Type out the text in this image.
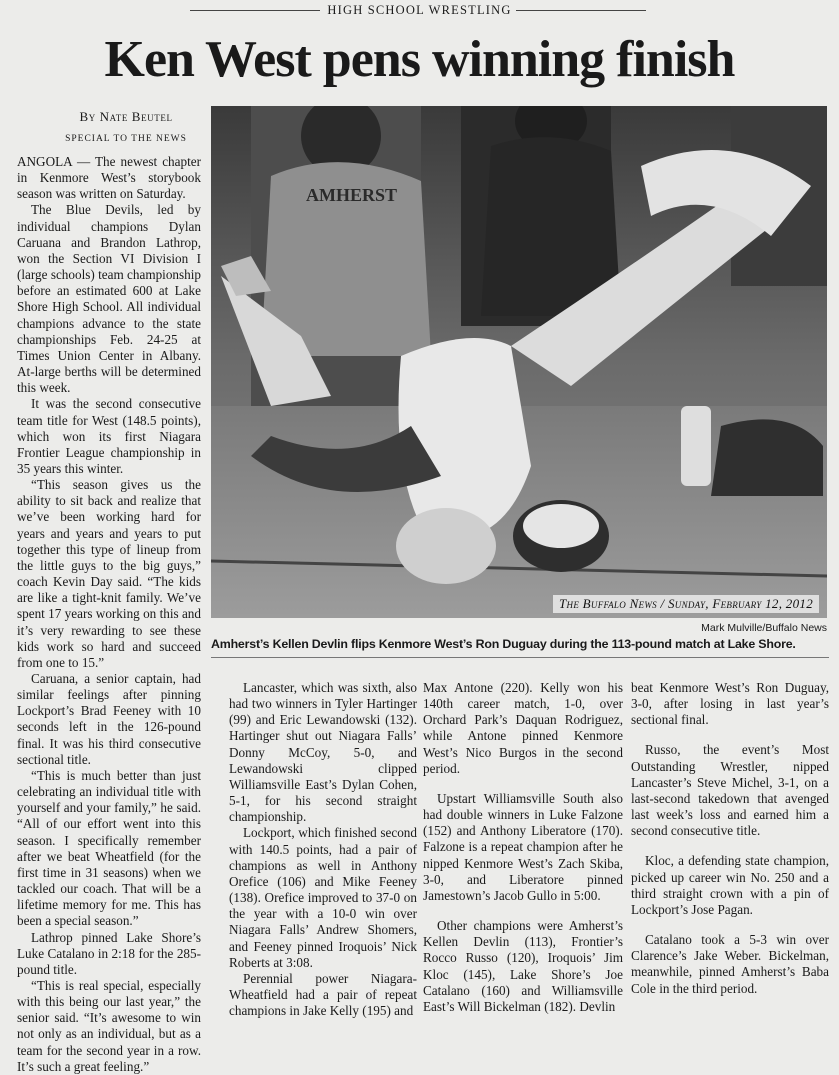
HIGH SCHOOL WRESTLING
Ken West pens winning finish
By Nate Beutel
SPECIAL TO THE NEWS

ANGOLA — The newest chapter in Kenmore West’s storybook season was written on Saturday.

The Blue Devils, led by individual champions Dylan Caruana and Brandon Lathrop, won the Section VI Division I (large schools) team championship before an estimated 600 at Lake Shore High School. All individual champions advance to the state championships Feb. 24-25 at Times Union Center in Albany. At-large berths will be determined this week.

It was the second consecutive team title for West (148.5 points), which won its first Niagara Frontier League championship in 35 years this winter.

“This season gives us the ability to sit back and realize that we’ve been working hard for years and years and years to put together this type of lineup from the little guys to the big guys,” coach Kevin Day said. “The kids are like a tight-knit family. We’ve spent 17 years working on this and it’s very rewarding to see these kids work so hard and succeed from one to 15.”

Caruana, a senior captain, had similar feelings after pinning Lockport’s Brad Feeney with 10 seconds left in the 126-pound final. It was his third consecutive sectional title.

“This is much better than just celebrating an individual title with yourself and your family,” he said. “All of our effort went into this season. I specifically remember after we beat Wheatfield (for the first time in 31 seasons) when we tackled our coach. That will be a lifetime memory for me. This has been a special season.”

Lathrop pinned Lake Shore’s Luke Catalano in 2:18 for the 285-pound title.

“This is real special, especially with this being our last year,” the senior said. “It’s awesome to win not only as an individual, but as a team for the second year in a row. It’s such a great feeling.”

AMHERST
The Buffalo News / Sunday, February 12, 2012
Mark Mulville/Buffalo News
Amherst’s Kellen Devlin flips Kenmore West’s Ron Duguay during the 113-pound match at Lake Shore.

Lancaster, which was sixth, also had two winners in Tyler Hartinger (99) and Eric Lewandowski (132). Hartinger shut out Niagara Falls’ Donny McCoy, 5-0, and Lewandowski clipped Williamsville East’s Dylan Cohen, 5-1, for his second straight championship.

Lockport, which finished second with 140.5 points, had a pair of champions as well in Anthony Orefice (106) and Mike Feeney (138). Orefice improved to 37-0 on the year with a 10-0 win over Niagara Falls’ Andrew Shomers, and Feeney pinned Iroquois’ Nick Roberts at 3:08.

Perennial power Niagara-Wheatfield had a pair of repeat champions in Jake Kelly (195) and

Max Antone (220). Kelly won his 140th career match, 1-0, over Orchard Park’s Daquan Rodriguez, while Antone pinned Kenmore West’s Nico Burgos in the second period.

Upstart Williamsville South also had double winners in Luke Falzone (152) and Anthony Liberatore (170). Falzone is a repeat champion after he nipped Kenmore West’s Zach Skiba, 3-0, and Liberatore pinned Jamestown’s Jacob Gullo in 5:00.

Other champions were Amherst’s Kellen Devlin (113), Frontier’s Rocco Russo (120), Iroquois’ Jim Kloc (145), Lake Shore’s Joe Catalano (160) and Williamsville East’s Will Bickelman (182). Devlin

beat Kenmore West’s Ron Duguay, 3-0, after losing in last year’s sectional final.

Russo, the event’s Most Outstanding Wrestler, nipped Lancaster’s Steve Michel, 3-1, on a last-second takedown that avenged last week’s loss and earned him a second consecutive title.

Kloc, a defending state champion, picked up career win No. 250 and a third straight crown with a pin of Lockport’s Jose Pagan.

Catalano took a 5-3 win over Clarence’s Jake Weber. Bickelman, meanwhile, pinned Amherst’s Baba Cole in the third period.
